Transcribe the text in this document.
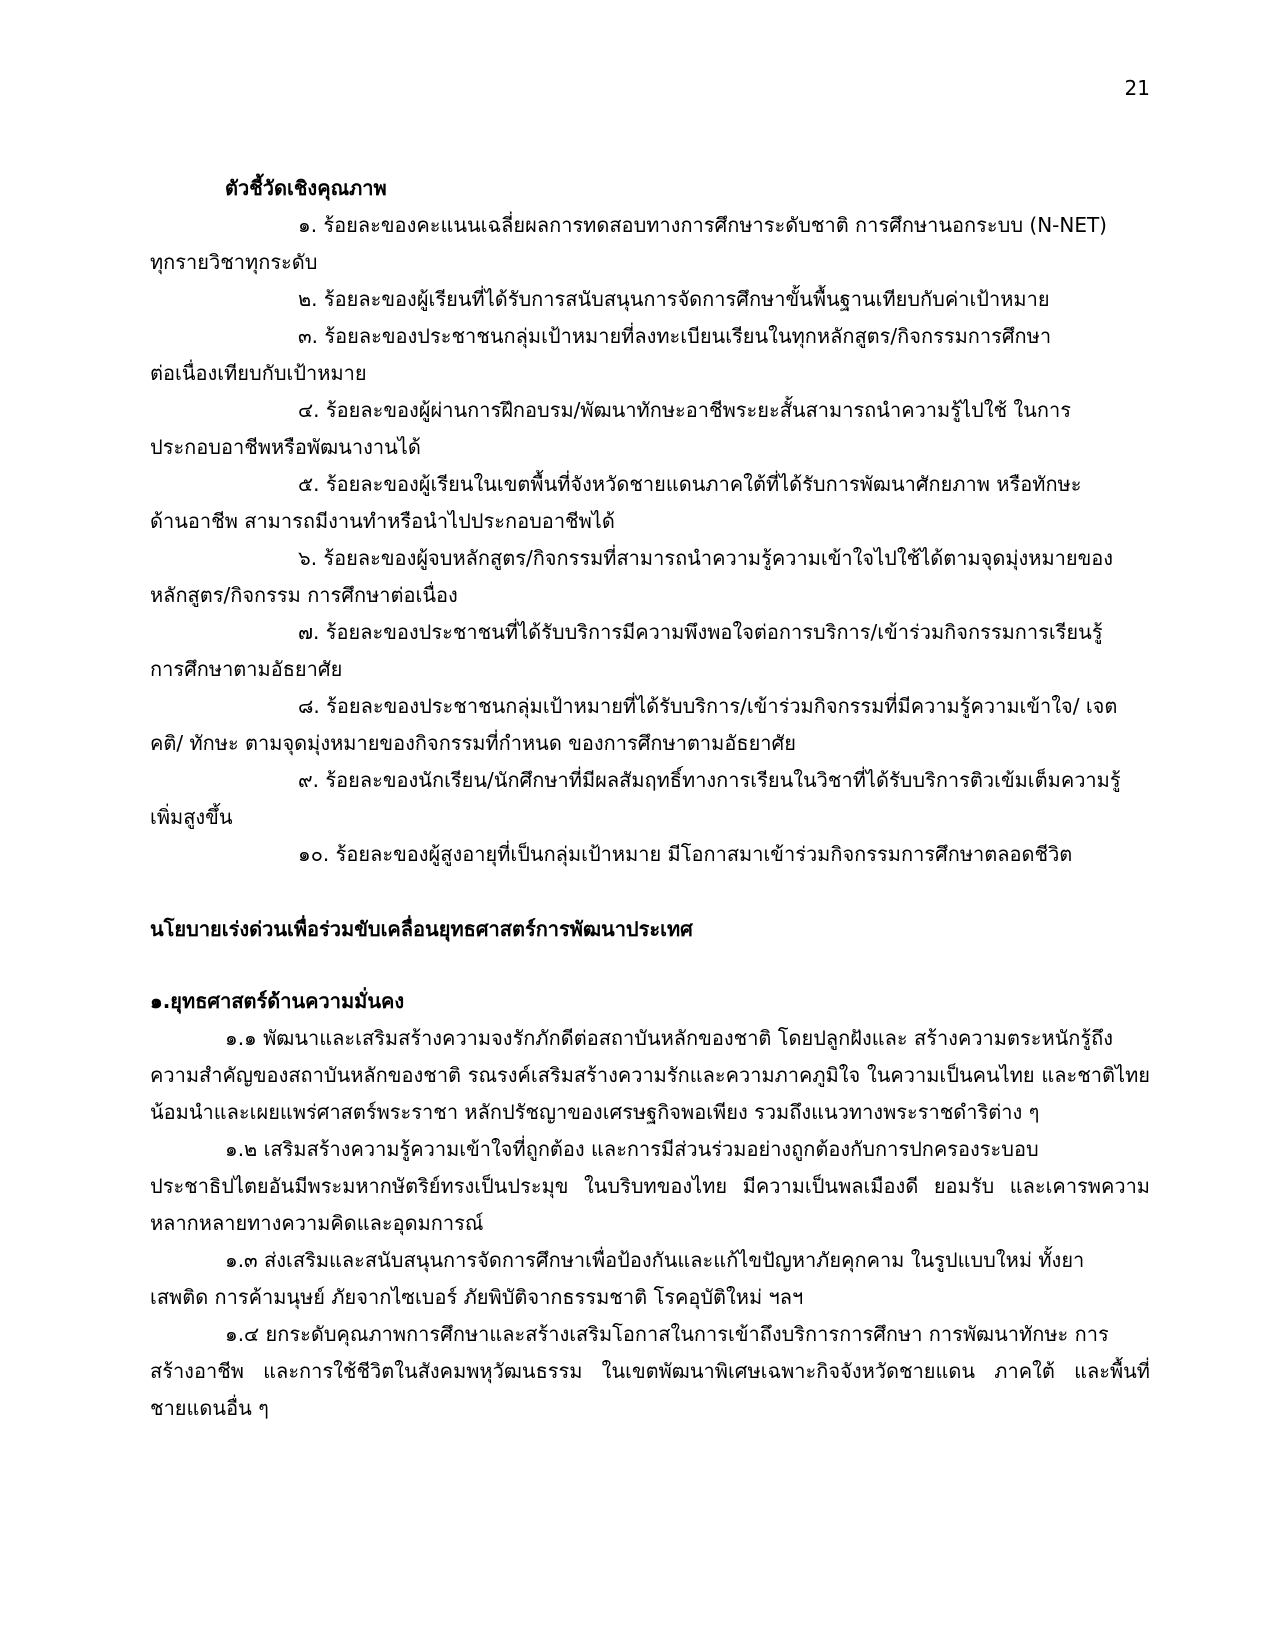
21

ตัวชี้วัดเชิงคุณภาพ

๑. ร้อยละของคะแนนเฉลี่ยผลการทดสอบทางการศึกษาระดับชาติ การศึกษานอกระบบ (N-NET)
ทุกรายวิชาทุกระดับ

๒. ร้อยละของผู้เรียนที่ได้รับการสนับสนุนการจัดการศึกษาขั้นพื้นฐานเทียบกับค่าเป้าหมาย

๓. ร้อยละของประชาชนกลุ่มเป้าหมายที่ลงทะเบียนเรียนในทุกหลักสูตร/กิจกรรมการศึกษา
ต่อเนื่องเทียบกับเป้าหมาย

๔. ร้อยละของผู้ผ่านการฝึกอบรม/พัฒนาทักษะอาชีพระยะสั้นสามารถนำความรู้ไปใช้ ในการ
ประกอบอาชีพหรือพัฒนางานได้

๕. ร้อยละของผู้เรียนในเขตพื้นที่จังหวัดชายแดนภาคใต้ที่ได้รับการพัฒนาศักยภาพ หรือทักษะ
ด้านอาชีพ สามารถมีงานทำหรือนำไปประกอบอาชีพได้

๖. ร้อยละของผู้จบหลักสูตร/กิจกรรมที่สามารถนำความรู้ความเข้าใจไปใช้ได้ตามจุดมุ่งหมายของ
หลักสูตร/กิจกรรม การศึกษาต่อเนื่อง

๗. ร้อยละของประชาชนที่ได้รับบริการมีความพึงพอใจต่อการบริการ/เข้าร่วมกิจกรรมการเรียนรู้
การศึกษาตามอัธยาศัย

๘. ร้อยละของประชาชนกลุ่มเป้าหมายที่ได้รับบริการ/เข้าร่วมกิจกรรมที่มีความรู้ความเข้าใจ/ เจต
คติ/ ทักษะ ตามจุดมุ่งหมายของกิจกรรมที่กำหนด ของการศึกษาตามอัธยาศัย

๙. ร้อยละของนักเรียน/นักศึกษาที่มีผลสัมฤทธิ์ทางการเรียนในวิชาที่ได้รับบริการติวเข้มเต็มความรู้
เพิ่มสูงขึ้น

๑๐. ร้อยละของผู้สูงอายุที่เป็นกลุ่มเป้าหมาย มีโอกาสมาเข้าร่วมกิจกรรมการศึกษาตลอดชีวิต

นโยบายเร่งด่วนเพื่อร่วมขับเคลื่อนยุทธศาสตร์การพัฒนาประเทศ

๑.ยุทธศาสตร์ด้านความมั่นคง

๑.๑ พัฒนาและเสริมสร้างความจงรักภักดีต่อสถาบันหลักของชาติ โดยปลูกฝังและ สร้างความตระหนักรู้ถึง
ความสำคัญของสถาบันหลักของชาติ รณรงค์เสริมสร้างความรักและความภาคภูมิใจ ในความเป็นคนไทย และชาติไทย น้อมนำและเผยแพร่ศาสตร์พระราชา หลักปรัชญาของเศรษฐกิจพอเพียง รวมถึงแนวทางพระราชดำริต่าง ๆ

๑.๒ เสริมสร้างความรู้ความเข้าใจที่ถูกต้อง และการมีส่วนร่วมอย่างถูกต้องกับการปกครองระบอบ
ประชาธิปไตยอันมีพระมหากษัตริย์ทรงเป็นประมุข ในบริบทของไทย มีความเป็นพลเมืองดี ยอมรับ และเคารพความหลากหลายทางความคิดและอุดมการณ์

๑.๓ ส่งเสริมและสนับสนุนการจัดการศึกษาเพื่อป้องกันและแก้ไขปัญหาภัยคุกคาม ในรูปแบบใหม่ ทั้งยา
เสพติด การค้ามนุษย์ ภัยจากไซเบอร์ ภัยพิบัติจากธรรมชาติ โรคอุบัติใหม่ ฯลฯ

๑.๔ ยกระดับคุณภาพการศึกษาและสร้างเสริมโอกาสในการเข้าถึงบริการการศึกษา การพัฒนาทักษะ การ
สร้างอาชีพ และการใช้ชีวิตในสังคมพหุวัฒนธรรม ในเขตพัฒนาพิเศษเฉพาะกิจจังหวัดชายแดน ภาคใต้ และพื้นที่ชายแดนอื่น ๆ
